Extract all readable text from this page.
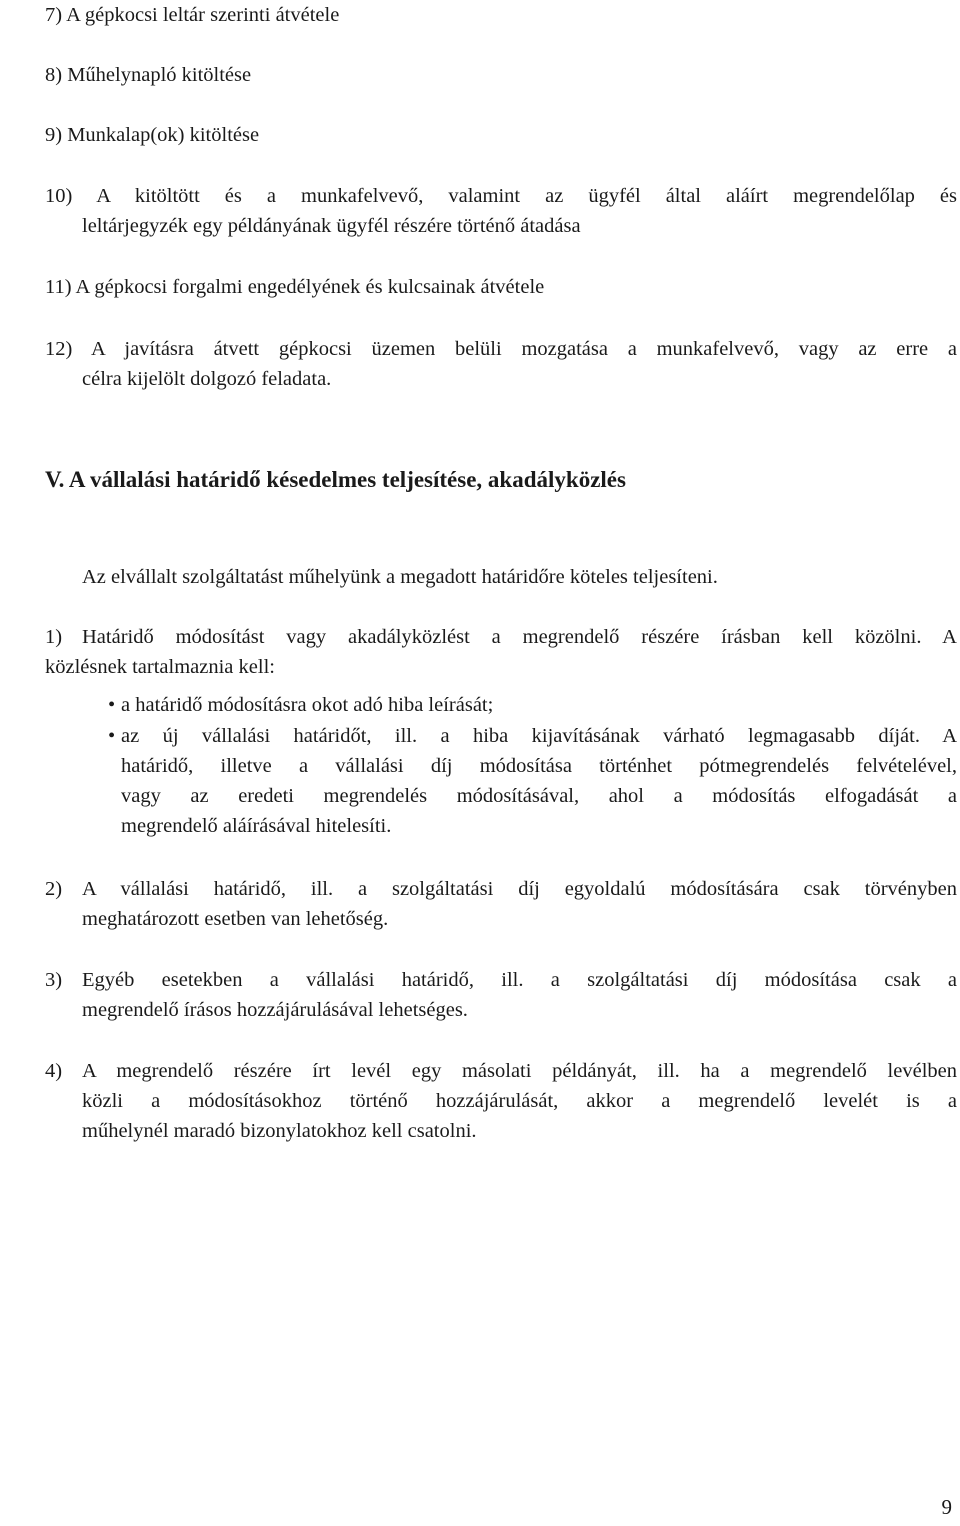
7) A gépkocsi leltár szerinti átvétele
8) Műhelynapló kitöltése
9) Munkalap(ok) kitöltése
10) A kitöltött és a munkafelvevő, valamint az ügyfél által aláírt megrendelőlap és
leltárjegyzék egy példányának ügyfél részére történő átadása
11) A gépkocsi forgalmi engedélyének és kulcsainak átvétele
12) A javításra átvett gépkocsi üzemen belüli mozgatása a munkafelvevő, vagy az erre a
célra kijelölt dolgozó feladata.
V. A vállalási határidő késedelmes teljesítése, akadályközlés
Az elvállalt szolgáltatást műhelyünk a megadott határidőre köteles teljesíteni.
1) Határidő módosítást vagy akadályközlést a megrendelő részére írásban kell közölni. A
közlésnek tartalmaznia kell:
• a határidő módosításra okot adó hiba leírását;
• az új vállalási határidőt, ill. a hiba kijavításának várható legmagasabb díját. A
határidő, illetve a vállalási díj módosítása történhet pótmegrendelés felvételével,
vagy az eredeti megrendelés módosításával, ahol a módosítás elfogadását a
megrendelő aláírásával hitelesíti.
2) A vállalási határidő, ill. a szolgáltatási díj egyoldalú módosítására csak törvényben
meghatározott esetben van lehetőség.
3) Egyéb esetekben a vállalási határidő, ill. a szolgáltatási díj módosítása csak a
megrendelő írásos hozzájárulásával lehetséges.
4) A megrendelő részére írt levél egy másolati példányát, ill. ha a megrendelő levélben
közli a módosításokhoz történő hozzájárulását, akkor a megrendelő levelét is a
műhelynél maradó bizonylatokhoz kell csatolni.
9
